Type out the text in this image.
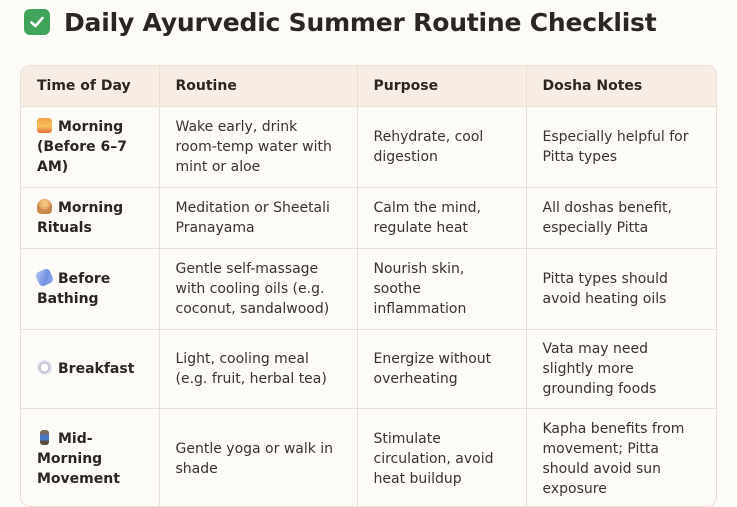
Daily Ayurvedic Summer Routine Checklist
Time of Day	Routine	Purpose	Dosha Notes
Morning (Before 6–7 AM)	Wake early, drink room-temp water with mint or aloe	Rehydrate, cool digestion	Especially helpful for Pitta types
Morning Rituals	Meditation or Sheetali Pranayama	Calm the mind, regulate heat	All doshas benefit, especially Pitta
Before Bathing	Gentle self-massage with cooling oils (e.g. coconut, sandalwood)	Nourish skin, soothe inflammation	Pitta types should avoid heating oils
Breakfast	Light, cooling meal (e.g. fruit, herbal tea)	Energize without overheating	Vata may need slightly more grounding foods
Mid-Morning Movement	Gentle yoga or walk in shade	Stimulate circulation, avoid heat buildup	Kapha benefits from movement; Pitta should avoid sun exposure
